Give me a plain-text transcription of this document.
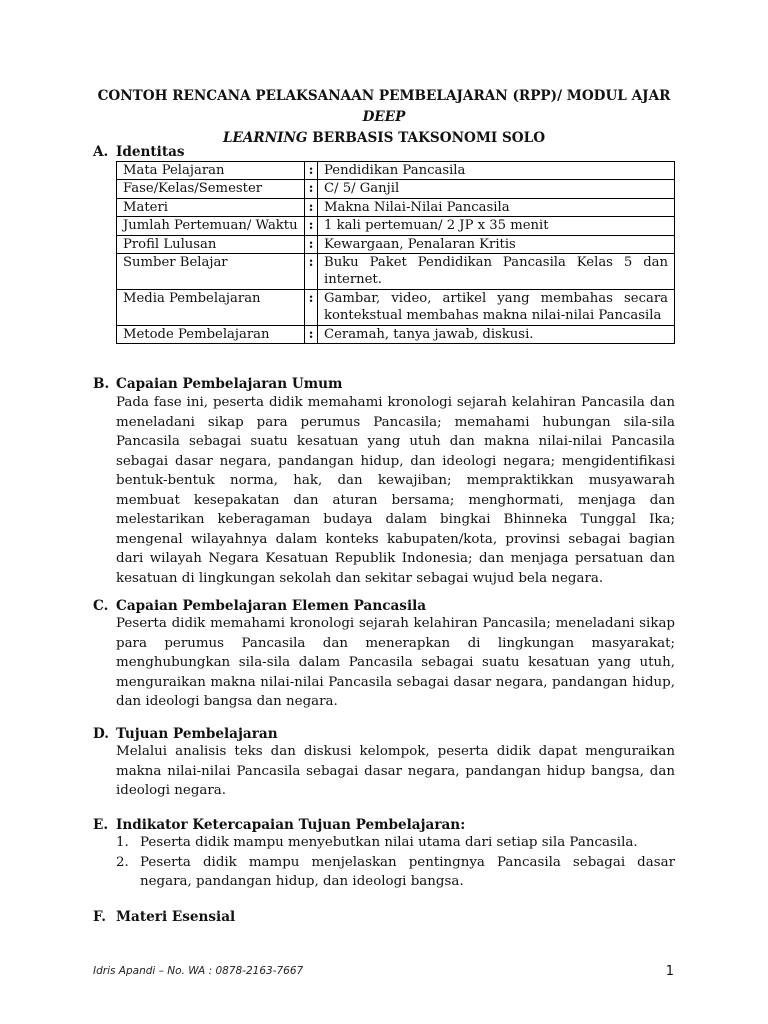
CONTOH RENCANA PELAKSANAAN PEMBELAJARAN (RPP)/ MODUL AJAR DEEP
LEARNING BERBASIS TAKSONOMI SOLO
A. Identitas
Mata Pelajaran	:	Pendidikan Pancasila
Fase/Kelas/Semester	:	C/ 5/ Ganjil
Materi	:	Makna Nilai-Nilai Pancasila
Jumlah Pertemuan/ Waktu	:	1 kali pertemuan/ 2 JP x 35 menit
Profil Lulusan	:	Kewargaan, Penalaran Kritis
Sumber Belajar	:	Buku Paket Pendidikan Pancasila Kelas 5 dan internet.
Media Pembelajaran	:	Gambar, video, artikel yang membahas secara kontekstual membahas makna nilai-nilai Pancasila
Metode Pembelajaran	:	Ceramah, tanya jawab, diskusi.
B. Capaian Pembelajaran Umum
Pada fase ini, peserta didik memahami kronologi sejarah kelahiran Pancasila dan meneladani sikap para perumus Pancasila; memahami hubungan sila-sila Pancasila sebagai suatu kesatuan yang utuh dan makna nilai-nilai Pancasila sebagai dasar negara, pandangan hidup, dan ideologi negara; mengidentifikasi bentuk-bentuk norma, hak, dan kewajiban; mempraktikkan musyawarah membuat kesepakatan dan aturan bersama; menghormati, menjaga dan melestarikan keberagaman budaya dalam bingkai Bhinneka Tunggal Ika; mengenal wilayahnya dalam konteks kabupaten/kota, provinsi sebagai bagian dari wilayah Negara Kesatuan Republik Indonesia; dan menjaga persatuan dan kesatuan di lingkungan sekolah dan sekitar sebagai wujud bela negara.
C. Capaian Pembelajaran Elemen Pancasila
Peserta didik memahami kronologi sejarah kelahiran Pancasila; meneladani sikap para perumus Pancasila dan menerapkan di lingkungan masyarakat; menghubungkan sila-sila dalam Pancasila sebagai suatu kesatuan yang utuh, menguraikan makna nilai-nilai Pancasila sebagai dasar negara, pandangan hidup, dan ideologi bangsa dan negara.
D. Tujuan Pembelajaran
Melalui analisis teks dan diskusi kelompok, peserta didik dapat menguraikan makna nilai-nilai Pancasila sebagai dasar negara, pandangan hidup bangsa, dan ideologi negara.
E. Indikator Ketercapaian Tujuan Pembelajaran:
1. Peserta didik mampu menyebutkan nilai utama dari setiap sila Pancasila.
2. Peserta didik mampu menjelaskan pentingnya Pancasila sebagai dasar negara, pandangan hidup, dan ideologi bangsa.
F. Materi Esensial
Idris Apandi – No. WA : 0878-2163-7667	1
